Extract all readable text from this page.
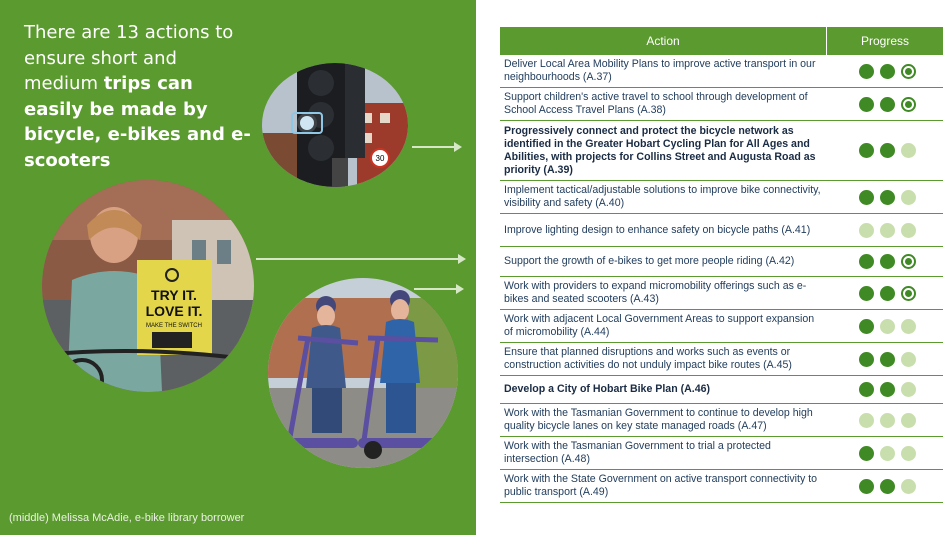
There are 13 actions to ensure short and medium trips can easily be made by bicycle, e-bikes and e-scooters	30
TRY IT.
LOVE IT.
MAKE THE SWITCH
(middle) Melissa McAdie, e-bike library borrower
Action	Progress
Deliver Local Area Mobility Plans to improve active transport in our neighbourhoods (A.37)
Support children's active travel to school through development of School Access Travel Plans (A.38)
Progressively connect and protect the bicycle network as identified in the Greater Hobart Cycling Plan for All Ages and Abilities, with projects for Collins Street and Augusta Road as priority (A.39)
Implement tactical/adjustable solutions to improve bike connectivity, visibility and safety (A.40)
Improve lighting design to enhance safety on bicycle paths (A.41)
Support the growth of e-bikes to get more people riding (A.42)
Work with providers to expand micromobility offerings such as e-bikes and seated scooters (A.43)
Work with adjacent Local Government Areas to support expansion of micromobility (A.44)
Ensure that planned disruptions and works such as events or construction activities do not unduly impact bike routes (A.45)
Develop a City of Hobart Bike Plan (A.46)
Work with the Tasmanian Government to continue to develop high quality bicycle lanes on key state managed roads (A.47)
Work with the Tasmanian Government to trial a protected intersection (A.48)
Work with the State Government on active transport connectivity to public transport (A.49)
